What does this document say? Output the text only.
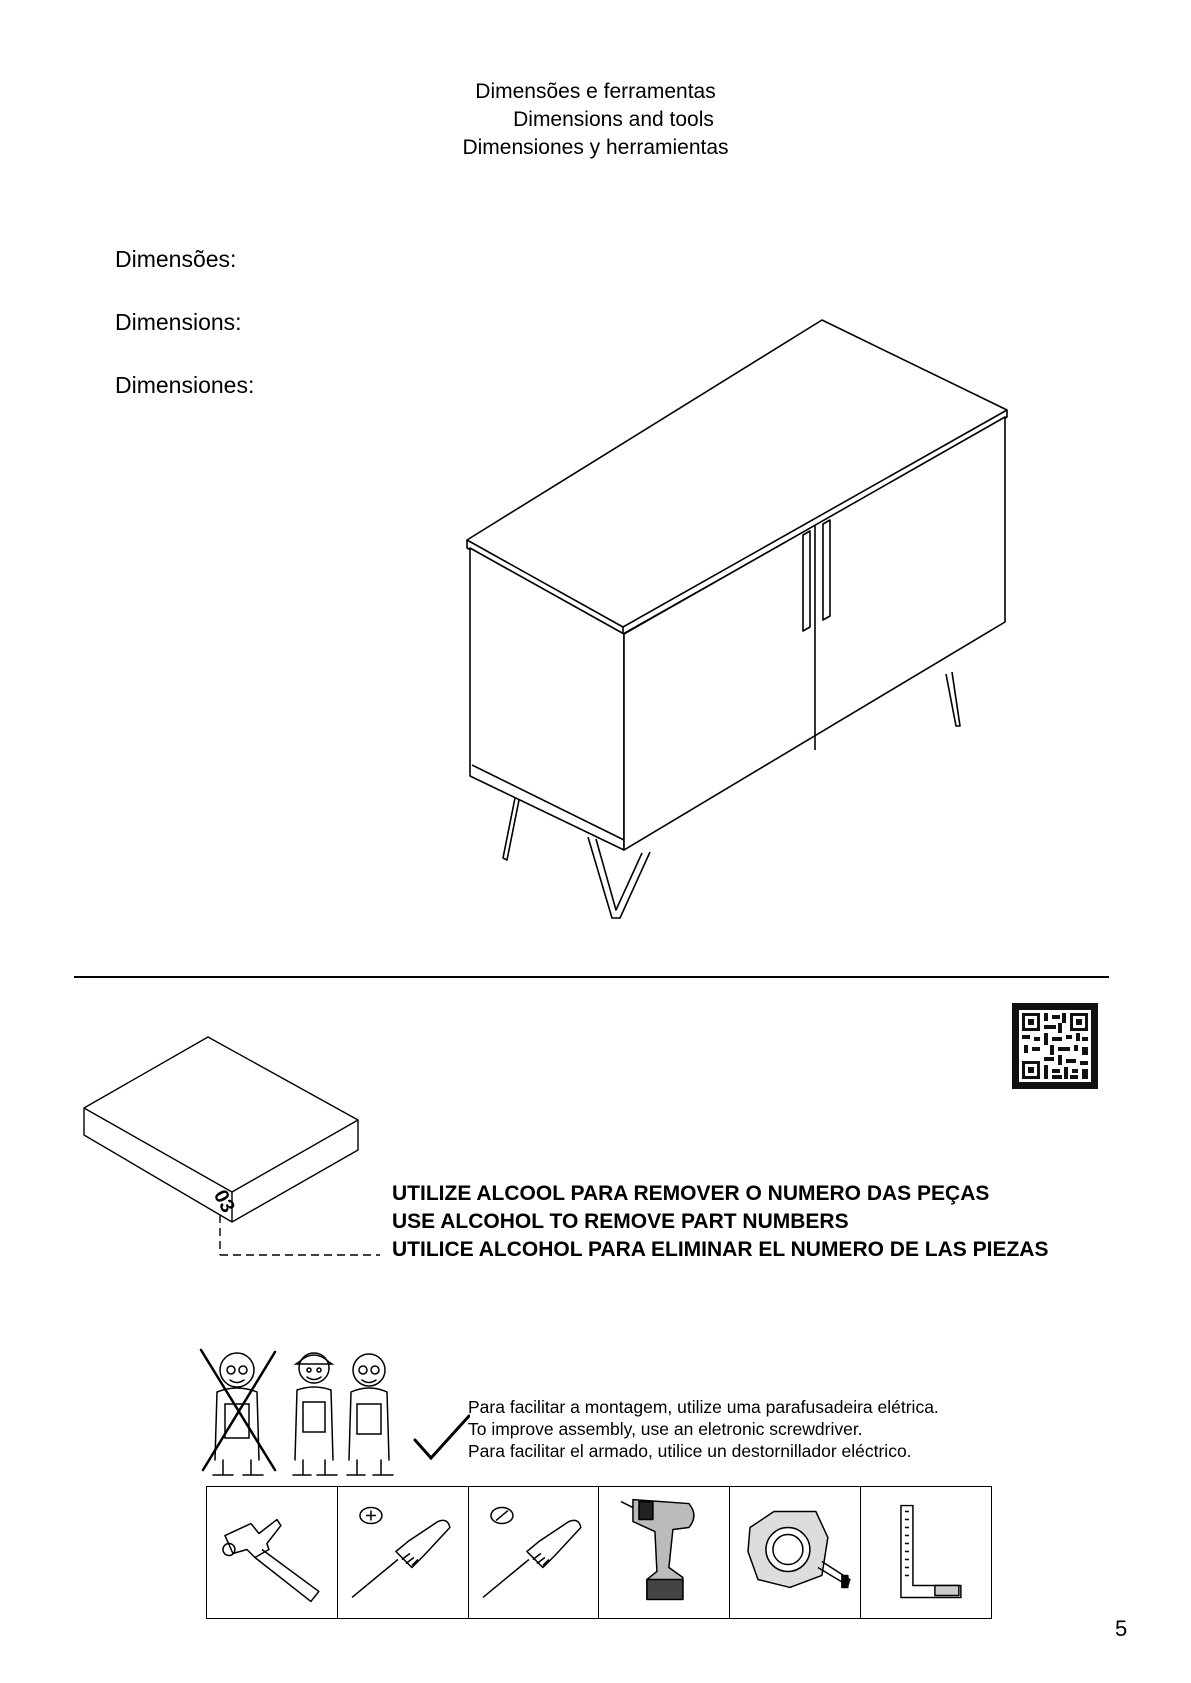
Dimensões e ferramentas
Dimensions and tools
Dimensiones y herramientas
Dimensões:
Dimensions:
Dimensiones:
03	UTILIZE ALCOOL PARA REMOVER O NUMERO DAS PEÇAS
USE ALCOHOL TO REMOVE PART NUMBERS
UTILICE ALCOHOL PARA ELIMINAR EL NUMERO DE LAS PIEZAS
Para facilitar a montagem, utilize uma parafusadeira elétrica.
To improve assembly, use an eletronic screwdriver.
Para facilitar el armado, utilice un destornillador eléctrico.
5
